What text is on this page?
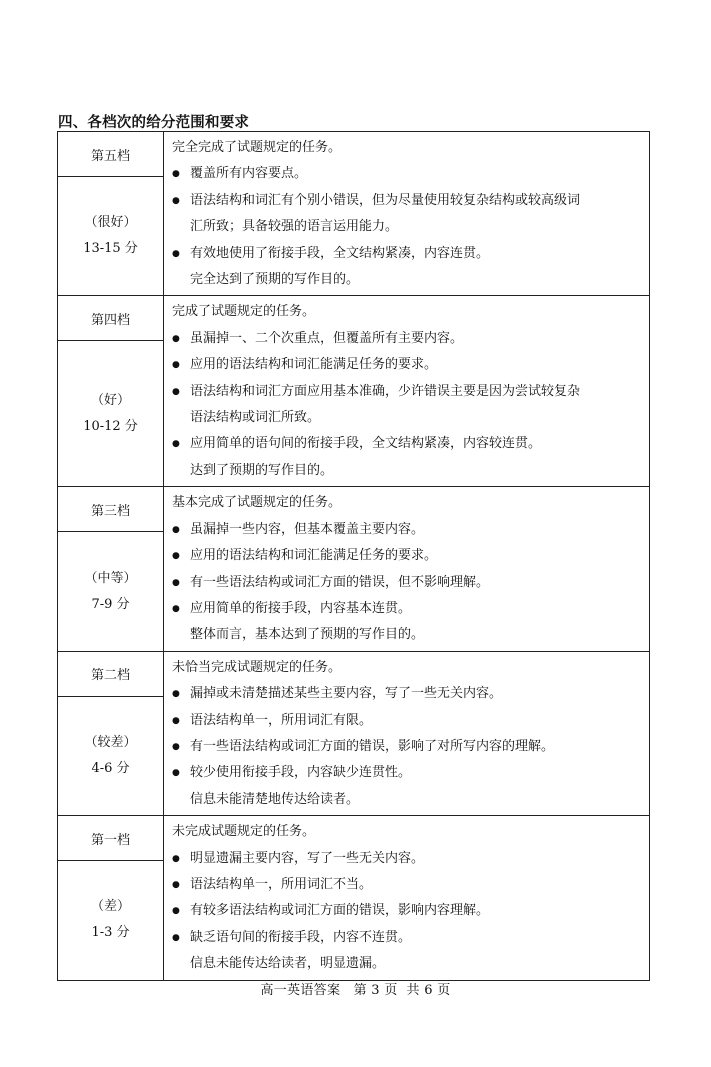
四、各档次的给分范围和要求
第五档
（很好）
13-15 分
完全完成了试题规定的任务。
● 覆盖所有内容要点。
● 语法结构和词汇有个别小错误，但为尽量使用较复杂结构或较高级词
汇所致；具备较强的语言运用能力。
● 有效地使用了衔接手段，全文结构紧凑，内容连贯。
完全达到了预期的写作目的。
第四档
（好）
10-12 分
完成了试题规定的任务。
● 虽漏掉一、二个次重点，但覆盖所有主要内容。
● 应用的语法结构和词汇能满足任务的要求。
● 语法结构和词汇方面应用基本准确，少许错误主要是因为尝试较复杂
语法结构或词汇所致。
● 应用简单的语句间的衔接手段，全文结构紧凑，内容较连贯。
达到了预期的写作目的。
第三档
（中等）
7-9 分
基本完成了试题规定的任务。
● 虽漏掉一些内容，但基本覆盖主要内容。
● 应用的语法结构和词汇能满足任务的要求。
● 有一些语法结构或词汇方面的错误，但不影响理解。
● 应用简单的衔接手段，内容基本连贯。
整体而言，基本达到了预期的写作目的。
第二档
（较差）
4-6 分
未恰当完成试题规定的任务。
● 漏掉或未清楚描述某些主要内容，写了一些无关内容。
● 语法结构单一，所用词汇有限。
● 有一些语法结构或词汇方面的错误，影响了对所写内容的理解。
● 较少使用衔接手段，内容缺少连贯性。
信息未能清楚地传达给读者。
第一档
（差）
1-3 分
未完成试题规定的任务。
● 明显遗漏主要内容，写了一些无关内容。
● 语法结构单一，所用词汇不当。
● 有较多语法结构或词汇方面的错误，影响内容理解。
● 缺乏语句间的衔接手段，内容不连贯。
信息未能传达给读者，明显遗漏。
高一英语答案 第 3 页 共 6 页
